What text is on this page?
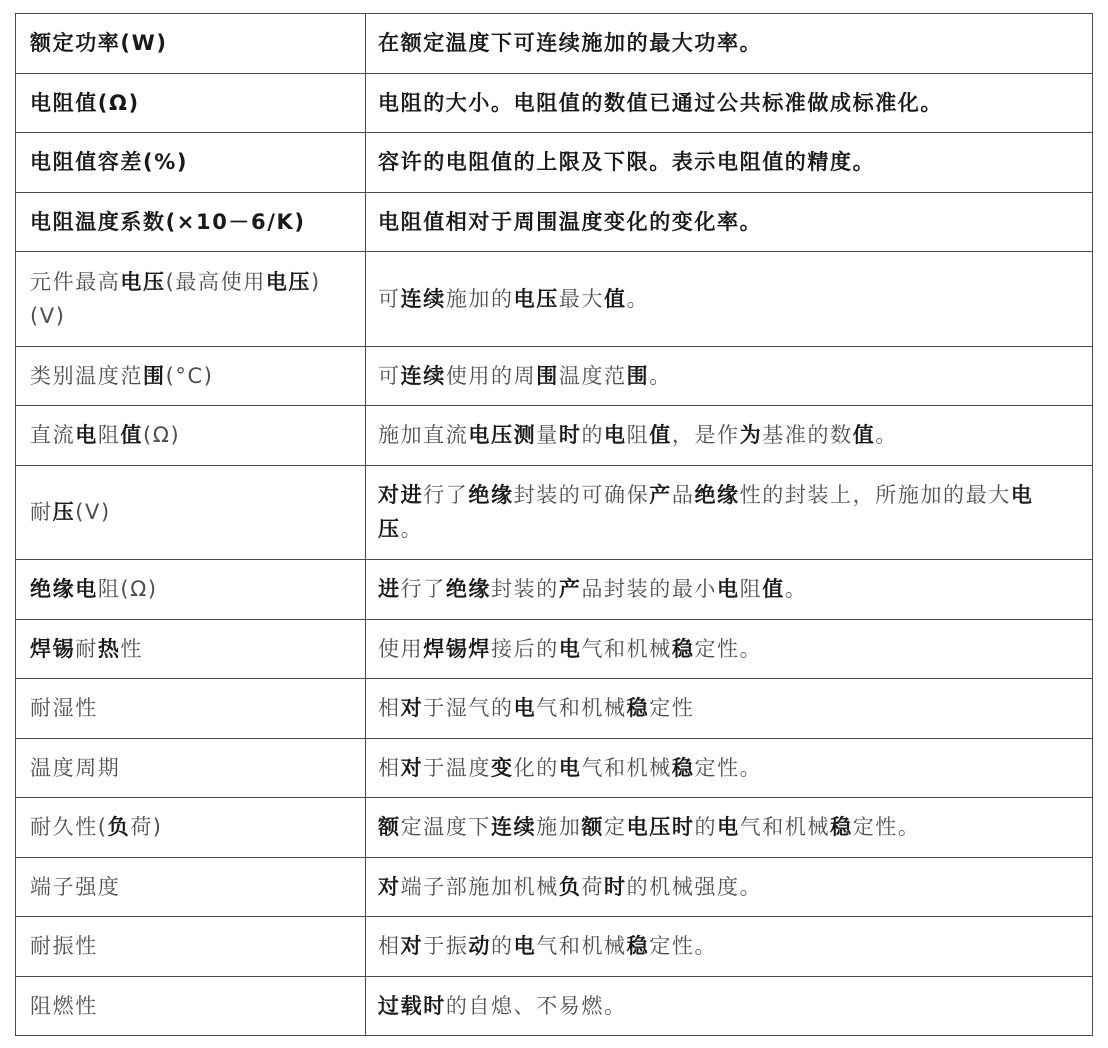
额定功率(W)	在额定温度下可连续施加的最大功率。

电阻值(Ω)	电阻的大小。电阻值的数值已通过公共标准做成标准化。

电阻值容差(%)	容许的电阻值的上限及下限。表示电阻值的精度。

电阻温度系数(×10－6/K)	电阻值相对于周围温度变化的变化率。

元件最高电压(最高使用电压)
(V)	可连续施加的电压最大值。

类别温度范围(°C)	可连续使用的周围温度范围。

直流电阻值(Ω)	施加直流电压测量时的电阻值，是作为基准的数值。

耐压(V)	对进行了绝缘封装的可确保产品绝缘性的封装上，所施加的最大电
压。

绝缘电阻(Ω)	进行了绝缘封装的产品封装的最小电阻值。

焊锡耐热性	使用焊锡焊接后的电气和机械稳定性。

耐湿性	相对于湿气的电气和机械稳定性

温度周期	相对于温度变化的电气和机械稳定性。

耐久性(负荷)	额定温度下连续施加额定电压时的电气和机械稳定性。

端子强度	对端子部施加机械负荷时的机械强度。

耐振性	相对于振动的电气和机械稳定性。

阻燃性	过载时的自熄、不易燃。
